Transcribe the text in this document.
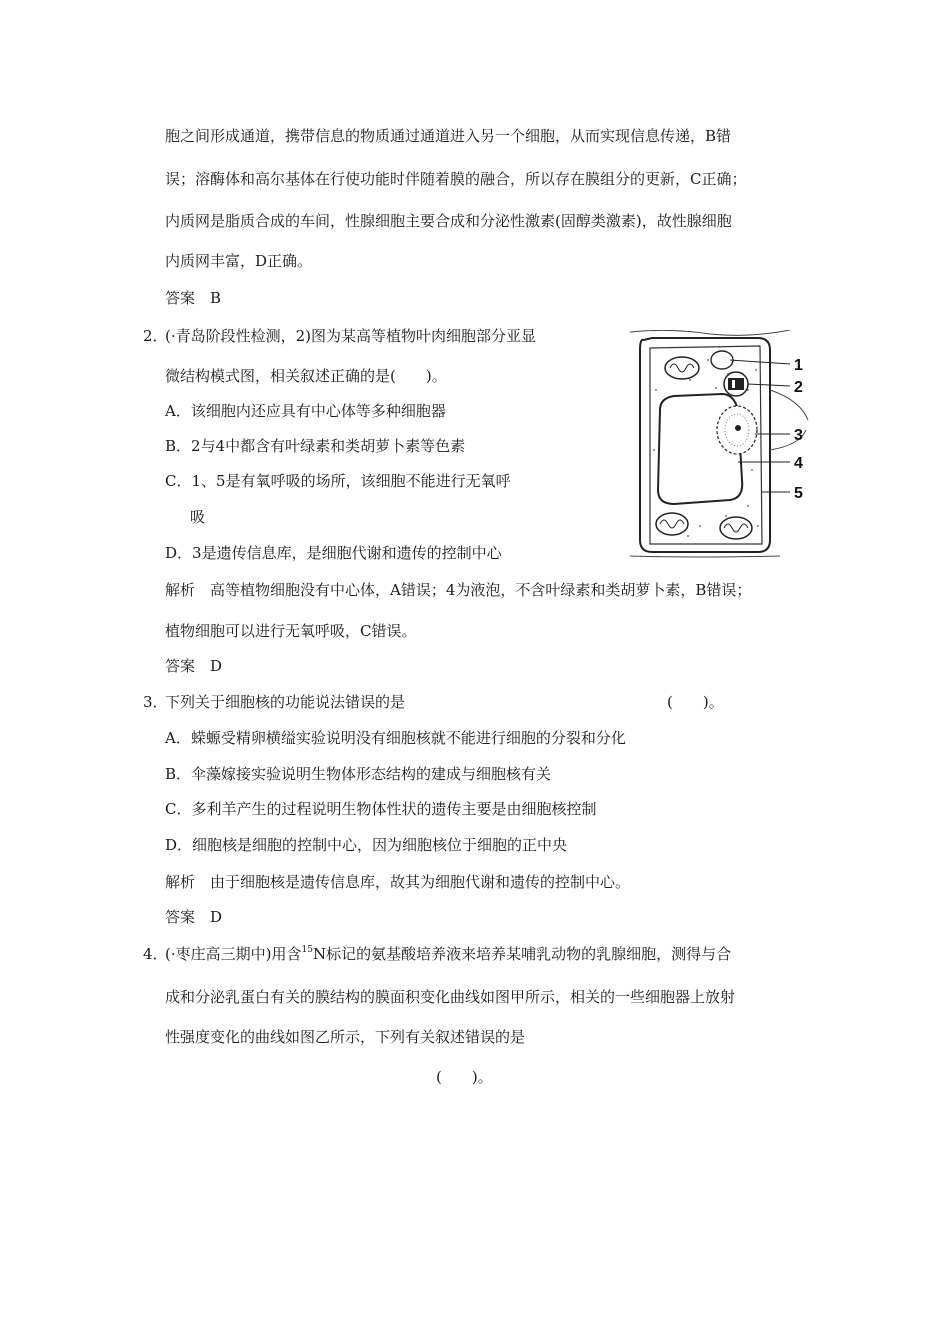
胞之间形成通道，携带信息的物质通过通道进入另一个细胞，从而实现信息传递，B错
误；溶酶体和高尔基体在行使功能时伴随着膜的融合，所以存在膜组分的更新，C正确；
内质网是脂质合成的车间，性腺细胞主要合成和分泌性激素(固醇类激素)，故性腺细胞
内质网丰富，D正确。
答案　B
2．
(·青岛阶段性检测，2)图为某高等植物叶肉细胞部分亚显
微结构模式图，相关叙述正确的是(　　)。
A．该细胞内还应具有中心体等多种细胞器
B．2与4中都含有叶绿素和类胡萝卜素等色素
C．1、5是有氧呼吸的场所，该细胞不能进行无氧呼
吸
D．3是遗传信息库，是细胞代谢和遗传的控制中心
解析　高等植物细胞没有中心体，A错误；4为液泡，不含叶绿素和类胡萝卜素，B错误；
植物细胞可以进行无氧呼吸，C错误。
答案　D
1
2
3
4
5
3．
下列关于细胞核的功能说法错误的是	(　　)。
A．蝾螈受精卵横缢实验说明没有细胞核就不能进行细胞的分裂和分化
B．伞藻嫁接实验说明生物体形态结构的建成与细胞核有关
C．多利羊产生的过程说明生物体性状的遗传主要是由细胞核控制
D．细胞核是细胞的控制中心，因为细胞核位于细胞的正中央
解析　由于细胞核是遗传信息库，故其为细胞代谢和遗传的控制中心。
答案　D
4．
(·枣庄高三期中)用含$^{15}$N标记的氨基酸培养液来培养某哺乳动物的乳腺细胞，测得与合
成和分泌乳蛋白有关的膜结构的膜面积变化曲线如图甲所示，相关的一些细胞器上放射
性强度变化的曲线如图乙所示，下列有关叙述错误的是
(　　)。
